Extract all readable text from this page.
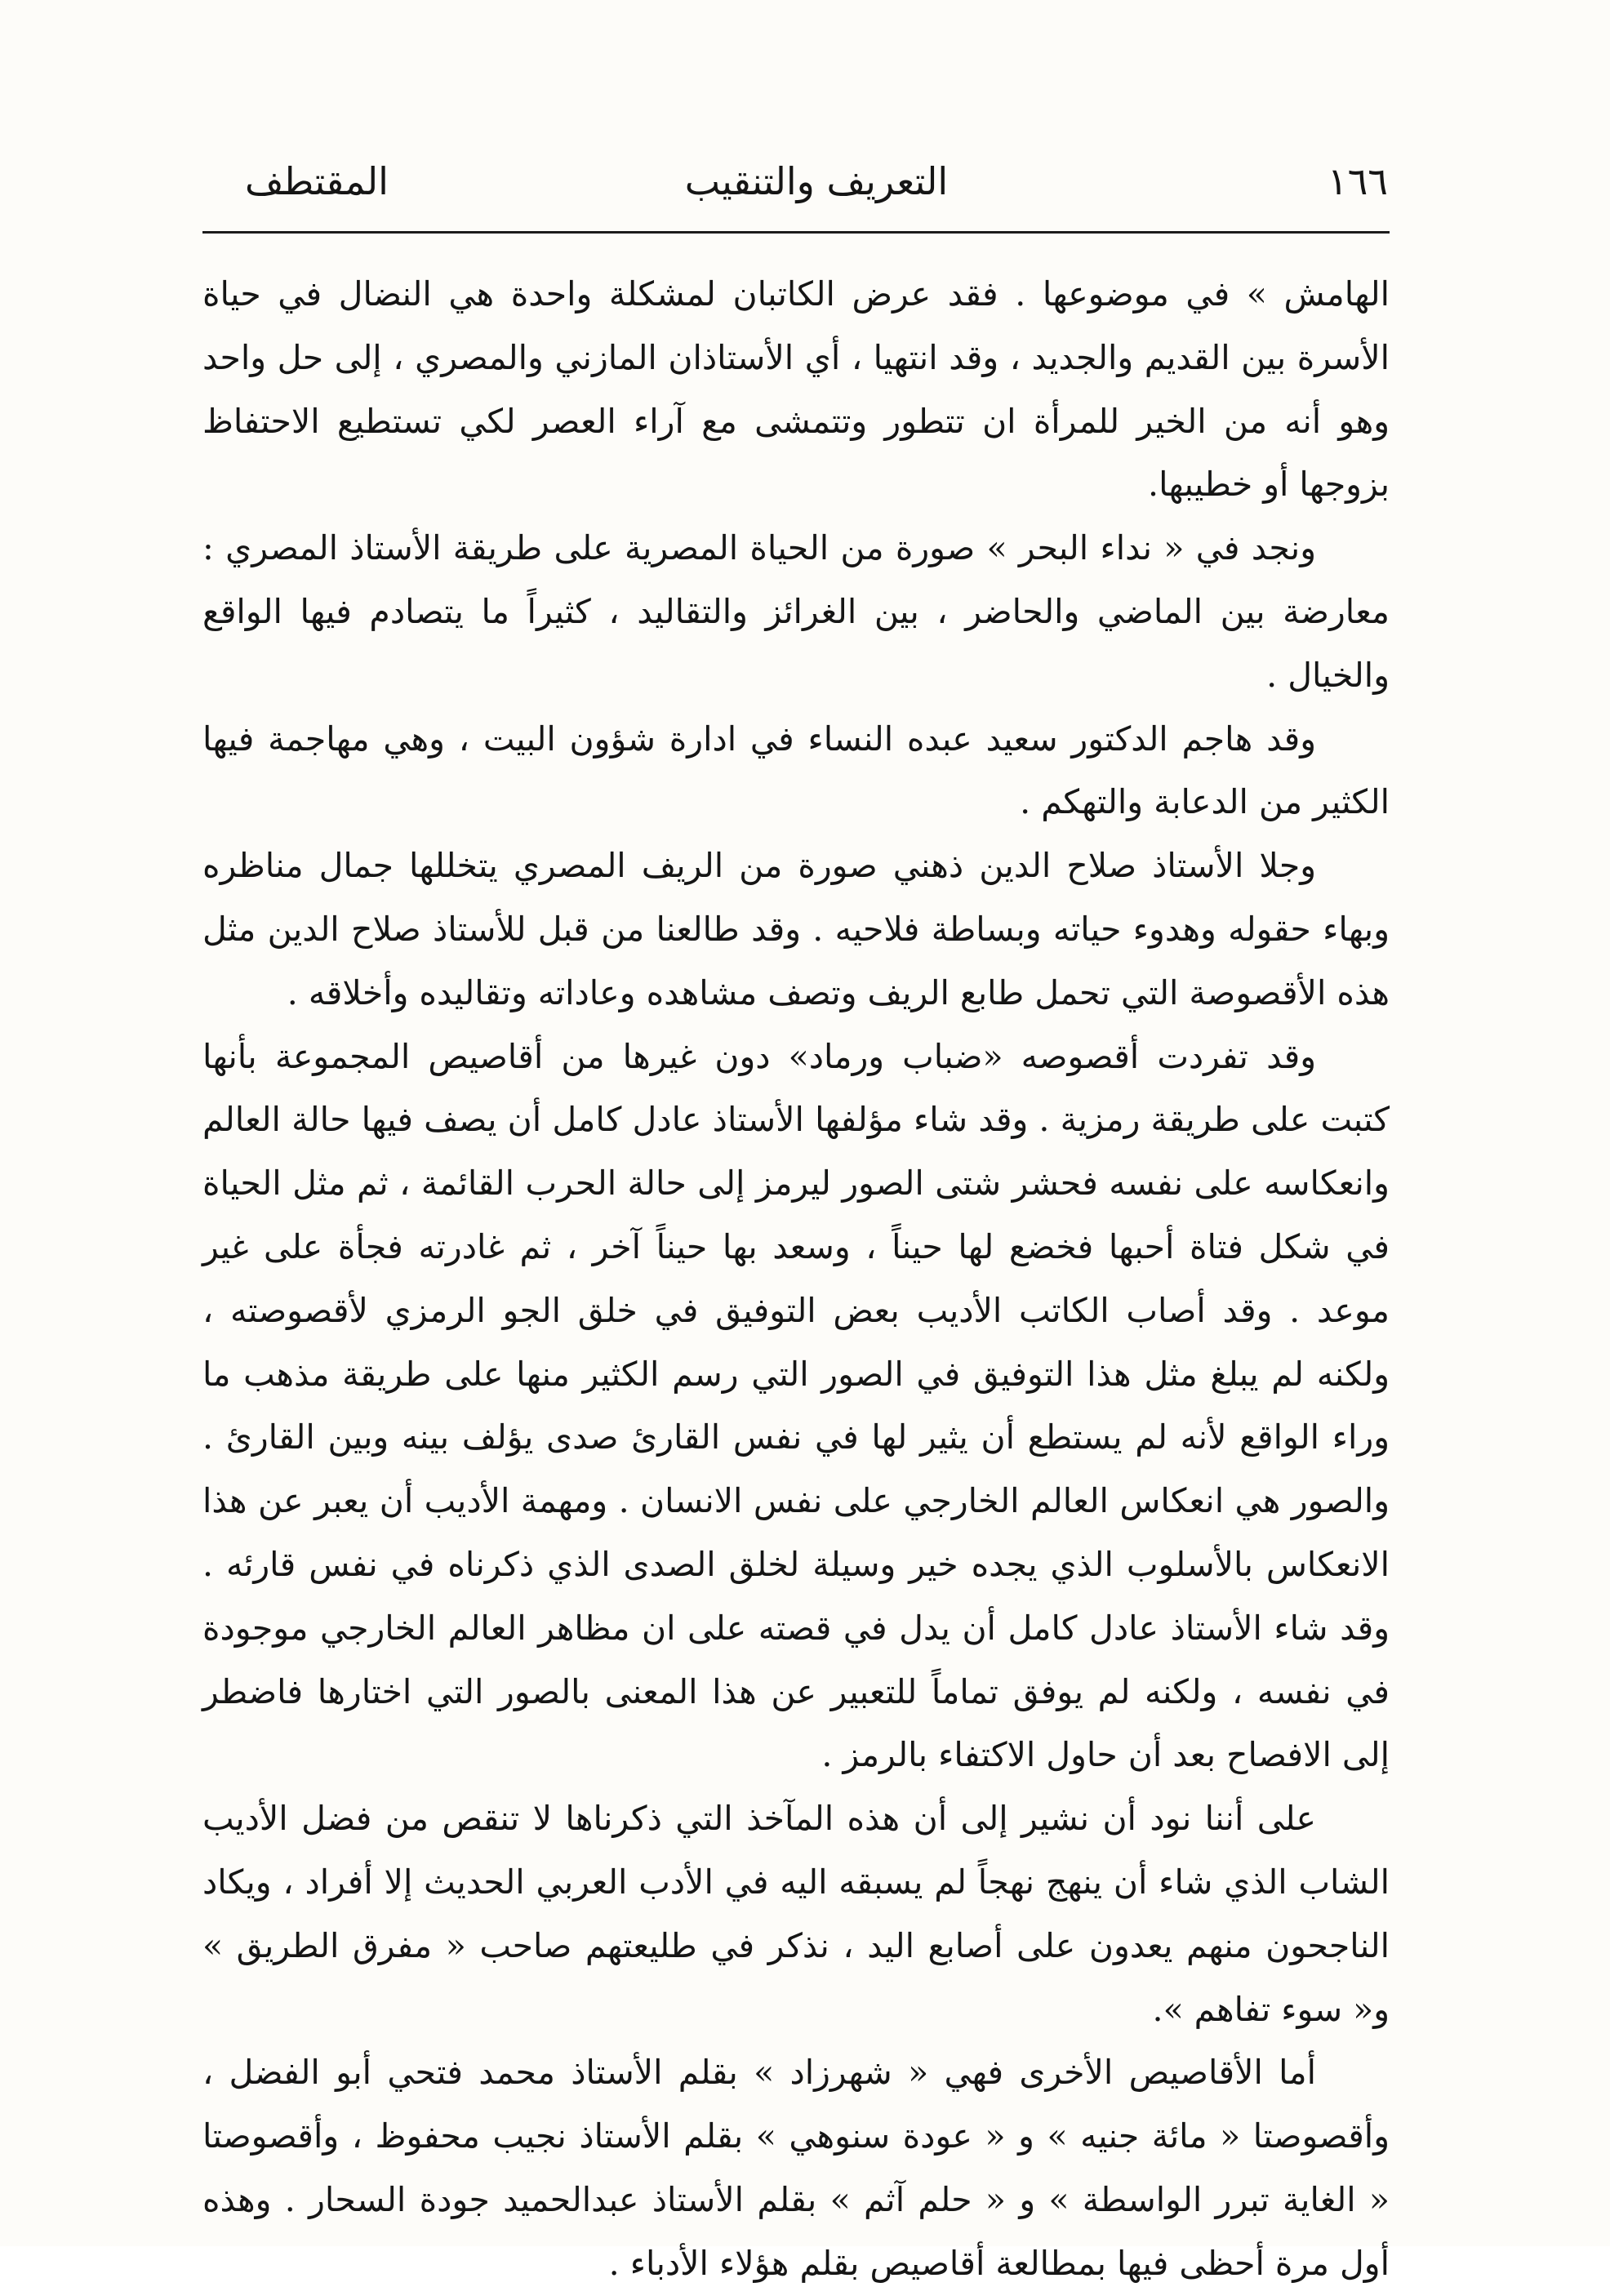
١٦٦
التعريف والتنقيب
المقتطف

الهامش » في موضوعها . فقد عرض الكاتبان لمشكلة واحدة هي النضال في حياة الأسرة بين القديم والجديد ، وقد انتهيا ، أي الأستاذان المازني والمصري ، إلى حل واحد وهو أنه من الخير للمرأة ان تتطور وتتمشى مع آراء العصر لكي تستطيع الاحتفاظ بزوجها أو خطيبها.

ونجد في « نداء البحر » صورة من الحياة المصرية على طريقة الأستاذ المصري : معارضة بين الماضي والحاضر ، بين الغرائز والتقاليد ، كثيراً ما يتصادم فيها الواقع والخيال .

وقد هاجم الدكتور سعيد عبده النساء في ادارة شؤون البيت ، وهي مهاجمة فيها الكثير من الدعابة والتهكم .

وجلا الأستاذ صلاح الدين ذهني صورة من الريف المصري يتخللها جمال مناظره وبهاء حقوله وهدوء حياته وبساطة فلاحيه . وقد طالعنا من قبل للأستاذ صلاح الدين مثل هذه الأقصوصة التي تحمل طابع الريف وتصف مشاهده وعاداته وتقاليده وأخلاقه .

وقد تفردت أقصوصه «ضباب ورماد» دون غيرها من أقاصيص المجموعة بأنها كتبت على طريقة رمزية . وقد شاء مؤلفها الأستاذ عادل كامل أن يصف فيها حالة العالم وانعكاسه على نفسه فحشر شتى الصور ليرمز إلى حالة الحرب القائمة ، ثم مثل الحياة في شكل فتاة أحبها فخضع لها حيناً ، وسعد بها حيناً آخر ، ثم غادرته فجأة على غير موعد . وقد أصاب الكاتب الأديب بعض التوفيق في خلق الجو الرمزي لأقصوصته ، ولكنه لم يبلغ مثل هذا التوفيق في الصور التي رسم الكثير منها على طريقة مذهب ما وراء الواقع لأنه لم يستطع أن يثير لها في نفس القارئ صدى يؤلف بينه وبين القارئ . والصور هي انعكاس العالم الخارجي على نفس الانسان . ومهمة الأديب أن يعبر عن هذا الانعكاس بالأسلوب الذي يجده خير وسيلة لخلق الصدى الذي ذكرناه في نفس قارئه . وقد شاء الأستاذ عادل كامل أن يدل في قصته على ان مظاهر العالم الخارجي موجودة في نفسه ، ولكنه لم يوفق تماماً للتعبير عن هذا المعنى بالصور التي اختارها فاضطر إلى الافصاح بعد أن حاول الاكتفاء بالرمز .

على أننا نود أن نشير إلى أن هذه المآخذ التي ذكرناها لا تنقص من فضل الأديب الشاب الذي شاء أن ينهج نهجاً لم يسبقه اليه في الأدب العربي الحديث إلا أفراد ، ويكاد الناجحون منهم يعدون على أصابع اليد ، نذكر في طليعتهم صاحب « مفرق الطريق » و« سوء تفاهم ».

أما الأقاصيص الأخرى فهي « شهرزاد » بقلم الأستاذ محمد فتحي أبو الفضل ، وأقصوصتا « مائة جنيه » و « عودة سنوهي » بقلم الأستاذ نجيب محفوظ ، وأقصوصتا « الغاية تبرر الواسطة » و « حلم آثم » بقلم الأستاذ عبدالحميد جودة السحار . وهذه أول مرة أحظى فيها بمطالعة أقاصيص بقلم هؤلاء الأدباء .
